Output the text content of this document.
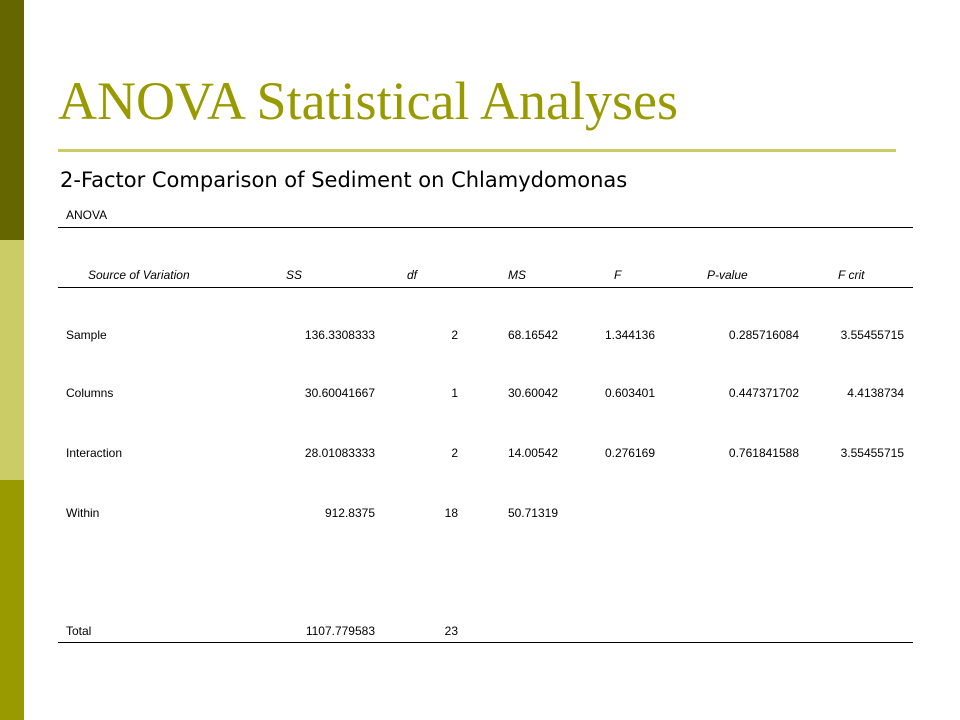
ANOVA Statistical Analyses
2-Factor Comparison of Sediment on Chlamydomonas
ANOVA
Source of Variation	SS	df	MS	F	P-value	F crit
Sample	136.3308333	2	68.16542	1.344136	0.285716084	3.55455715
Columns	30.60041667	1	30.60042	0.603401	0.447371702	4.4138734
Interaction	28.01083333	2	14.00542	0.276169	0.761841588	3.55455715
Within	912.8375	18	50.71319
Total	1107.779583	23
